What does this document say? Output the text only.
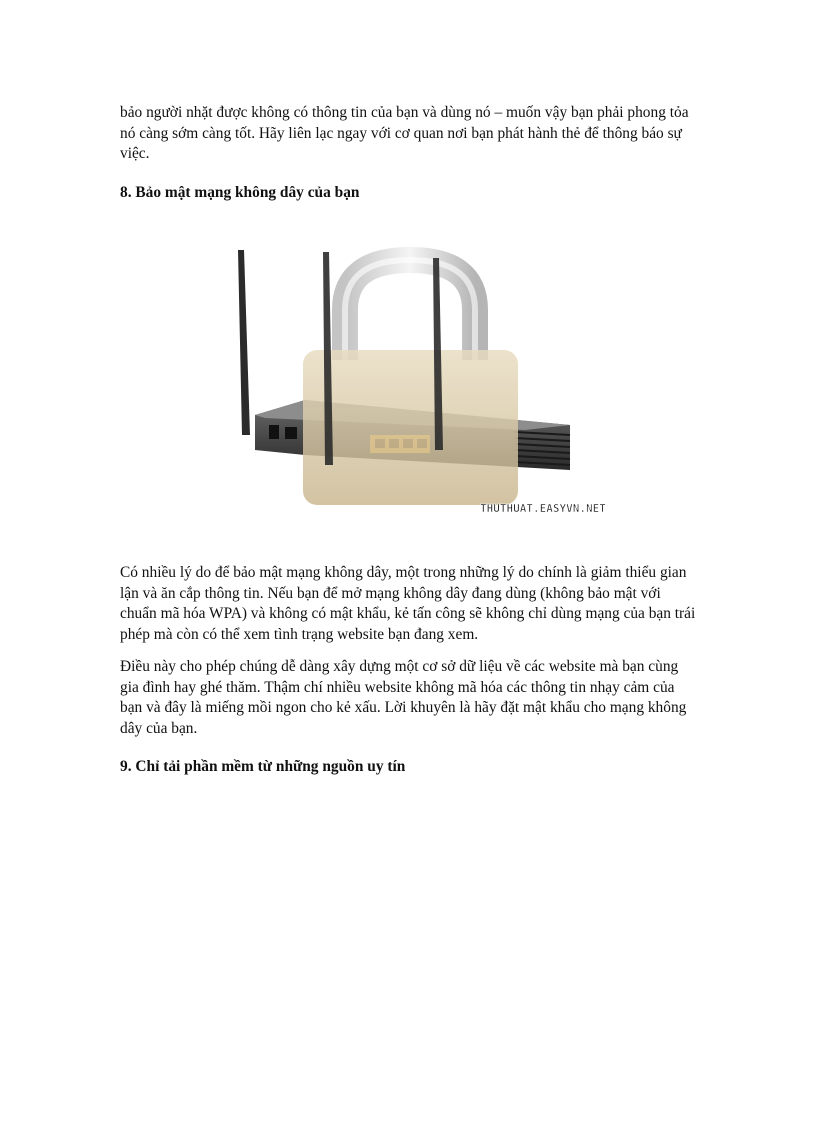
bảo người nhặt được không có thông tin của bạn và dùng nó – muốn vậy bạn phải phong tỏa nó càng sớm càng tốt. Hãy liên lạc ngay với cơ quan nơi bạn phát hành thẻ để thông báo sự việc.

8. Bảo mật mạng không dây của bạn
THUTHUAT.EASYVN.NET

Có nhiều lý do để bảo mật mạng không dây, một trong những lý do chính là giảm thiểu gian lận và ăn cắp thông tin. Nếu bạn để mở mạng không dây đang dùng (không bảo mật với chuẩn mã hóa WPA) và không có mật khẩu, kẻ tấn công sẽ không chỉ dùng mạng của bạn trái phép mà còn có thể xem tình trạng website bạn đang xem.

Điều này cho phép chúng dễ dàng xây dựng một cơ sở dữ liệu về các website mà bạn cùng gia đình hay ghé thăm. Thậm chí nhiều website không mã hóa các thông tin nhạy cảm của bạn và đây là miếng mồi ngon cho kẻ xấu. Lời khuyên là hãy đặt mật khẩu cho mạng không dây của bạn.

9. Chỉ tải phần mềm từ những nguồn uy tín
